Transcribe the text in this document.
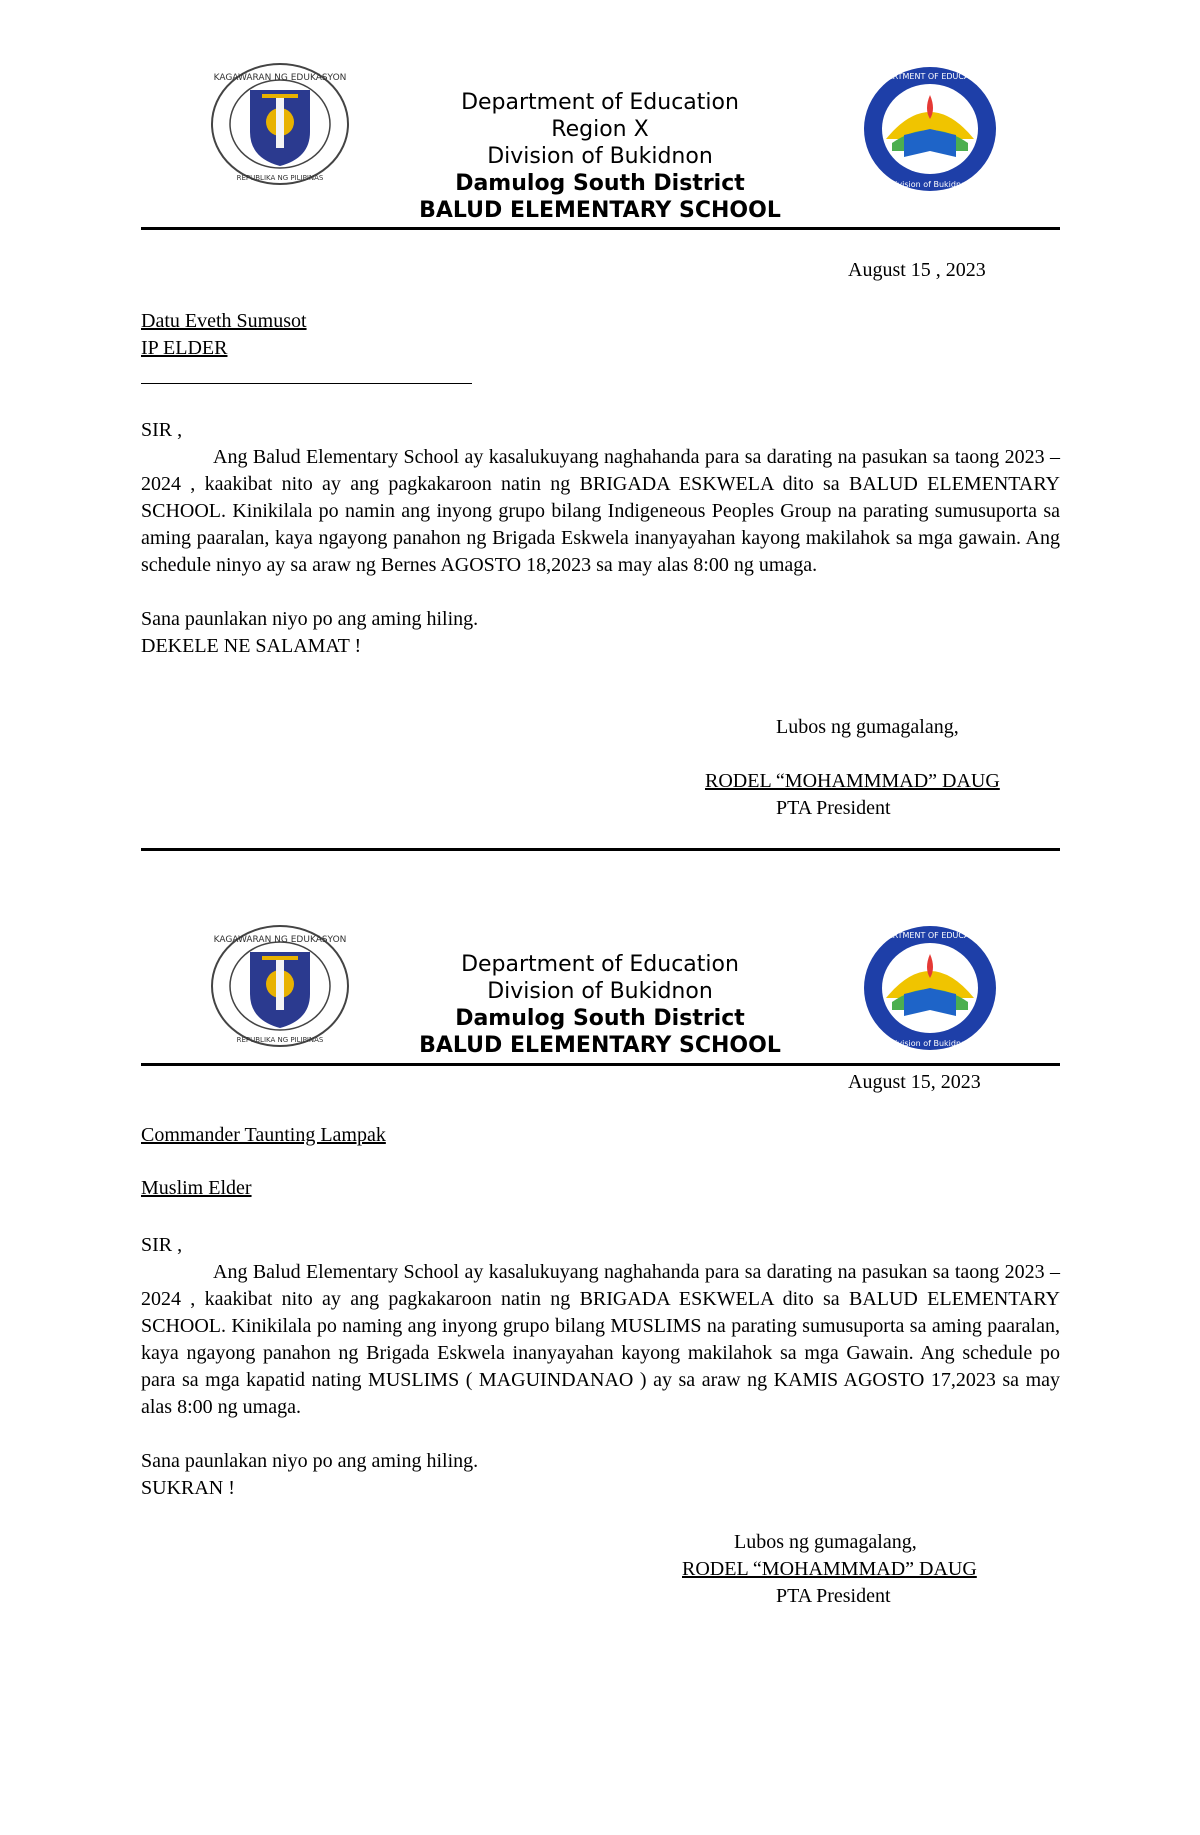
KAGAWARAN NG EDUKASYON
REPUBLIKA NG PILIPINAS
Department of Education
Region X
Division of Bukidnon
Damulog South District
BALUD ELEMENTARY SCHOOL
DEPARTMENT OF EDUCATION
Division of Bukidnon
August 15 , 2023
Datu Eveth Sumusot
IP ELDER
SIR ,
Ang Balud Elementary School ay kasalukuyang naghahanda para sa darating na pasukan sa taong 2023 – 2024 , kaakibat nito ay ang pagkakaroon natin ng BRIGADA ESKWELA dito sa BALUD ELEMENTARY SCHOOL. Kinikilala po namin ang inyong grupo bilang Indigeneous Peoples Group na parating sumusuporta sa aming paaralan, kaya ngayong panahon ng Brigada Eskwela inanyayahan kayong makilahok sa mga gawain. Ang schedule ninyo ay sa araw ng Bernes AGOSTO 18,2023 sa may alas 8:00 ng umaga.
Sana paunlakan niyo po ang aming hiling.
DEKELE NE SALAMAT !
Lubos ng gumagalang,
RODEL “MOHAMMMAD” DAUG
PTA President
KAGAWARAN NG EDUKASYON
REPUBLIKA NG PILIPINAS
Department of Education
Division of Bukidnon
Damulog South District
BALUD ELEMENTARY SCHOOL
DEPARTMENT OF EDUCATION
Division of Bukidnon
August 15, 2023
Commander Taunting Lampak
Muslim Elder
SIR ,
Ang Balud Elementary School ay kasalukuyang naghahanda para sa darating na pasukan sa taong 2023 – 2024 , kaakibat nito ay ang pagkakaroon natin ng BRIGADA ESKWELA dito sa BALUD ELEMENTARY SCHOOL. Kinikilala po naming ang inyong grupo bilang MUSLIMS na parating sumusuporta sa aming paaralan, kaya ngayong panahon ng Brigada Eskwela inanyayahan kayong makilahok sa mga Gawain. Ang schedule po para sa mga kapatid nating MUSLIMS ( MAGUINDANAO ) ay sa araw ng KAMIS AGOSTO 17,2023 sa may alas 8:00 ng umaga.
Sana paunlakan niyo po ang aming hiling.
SUKRAN !
Lubos ng gumagalang,
RODEL “MOHAMMMAD” DAUG
PTA President
